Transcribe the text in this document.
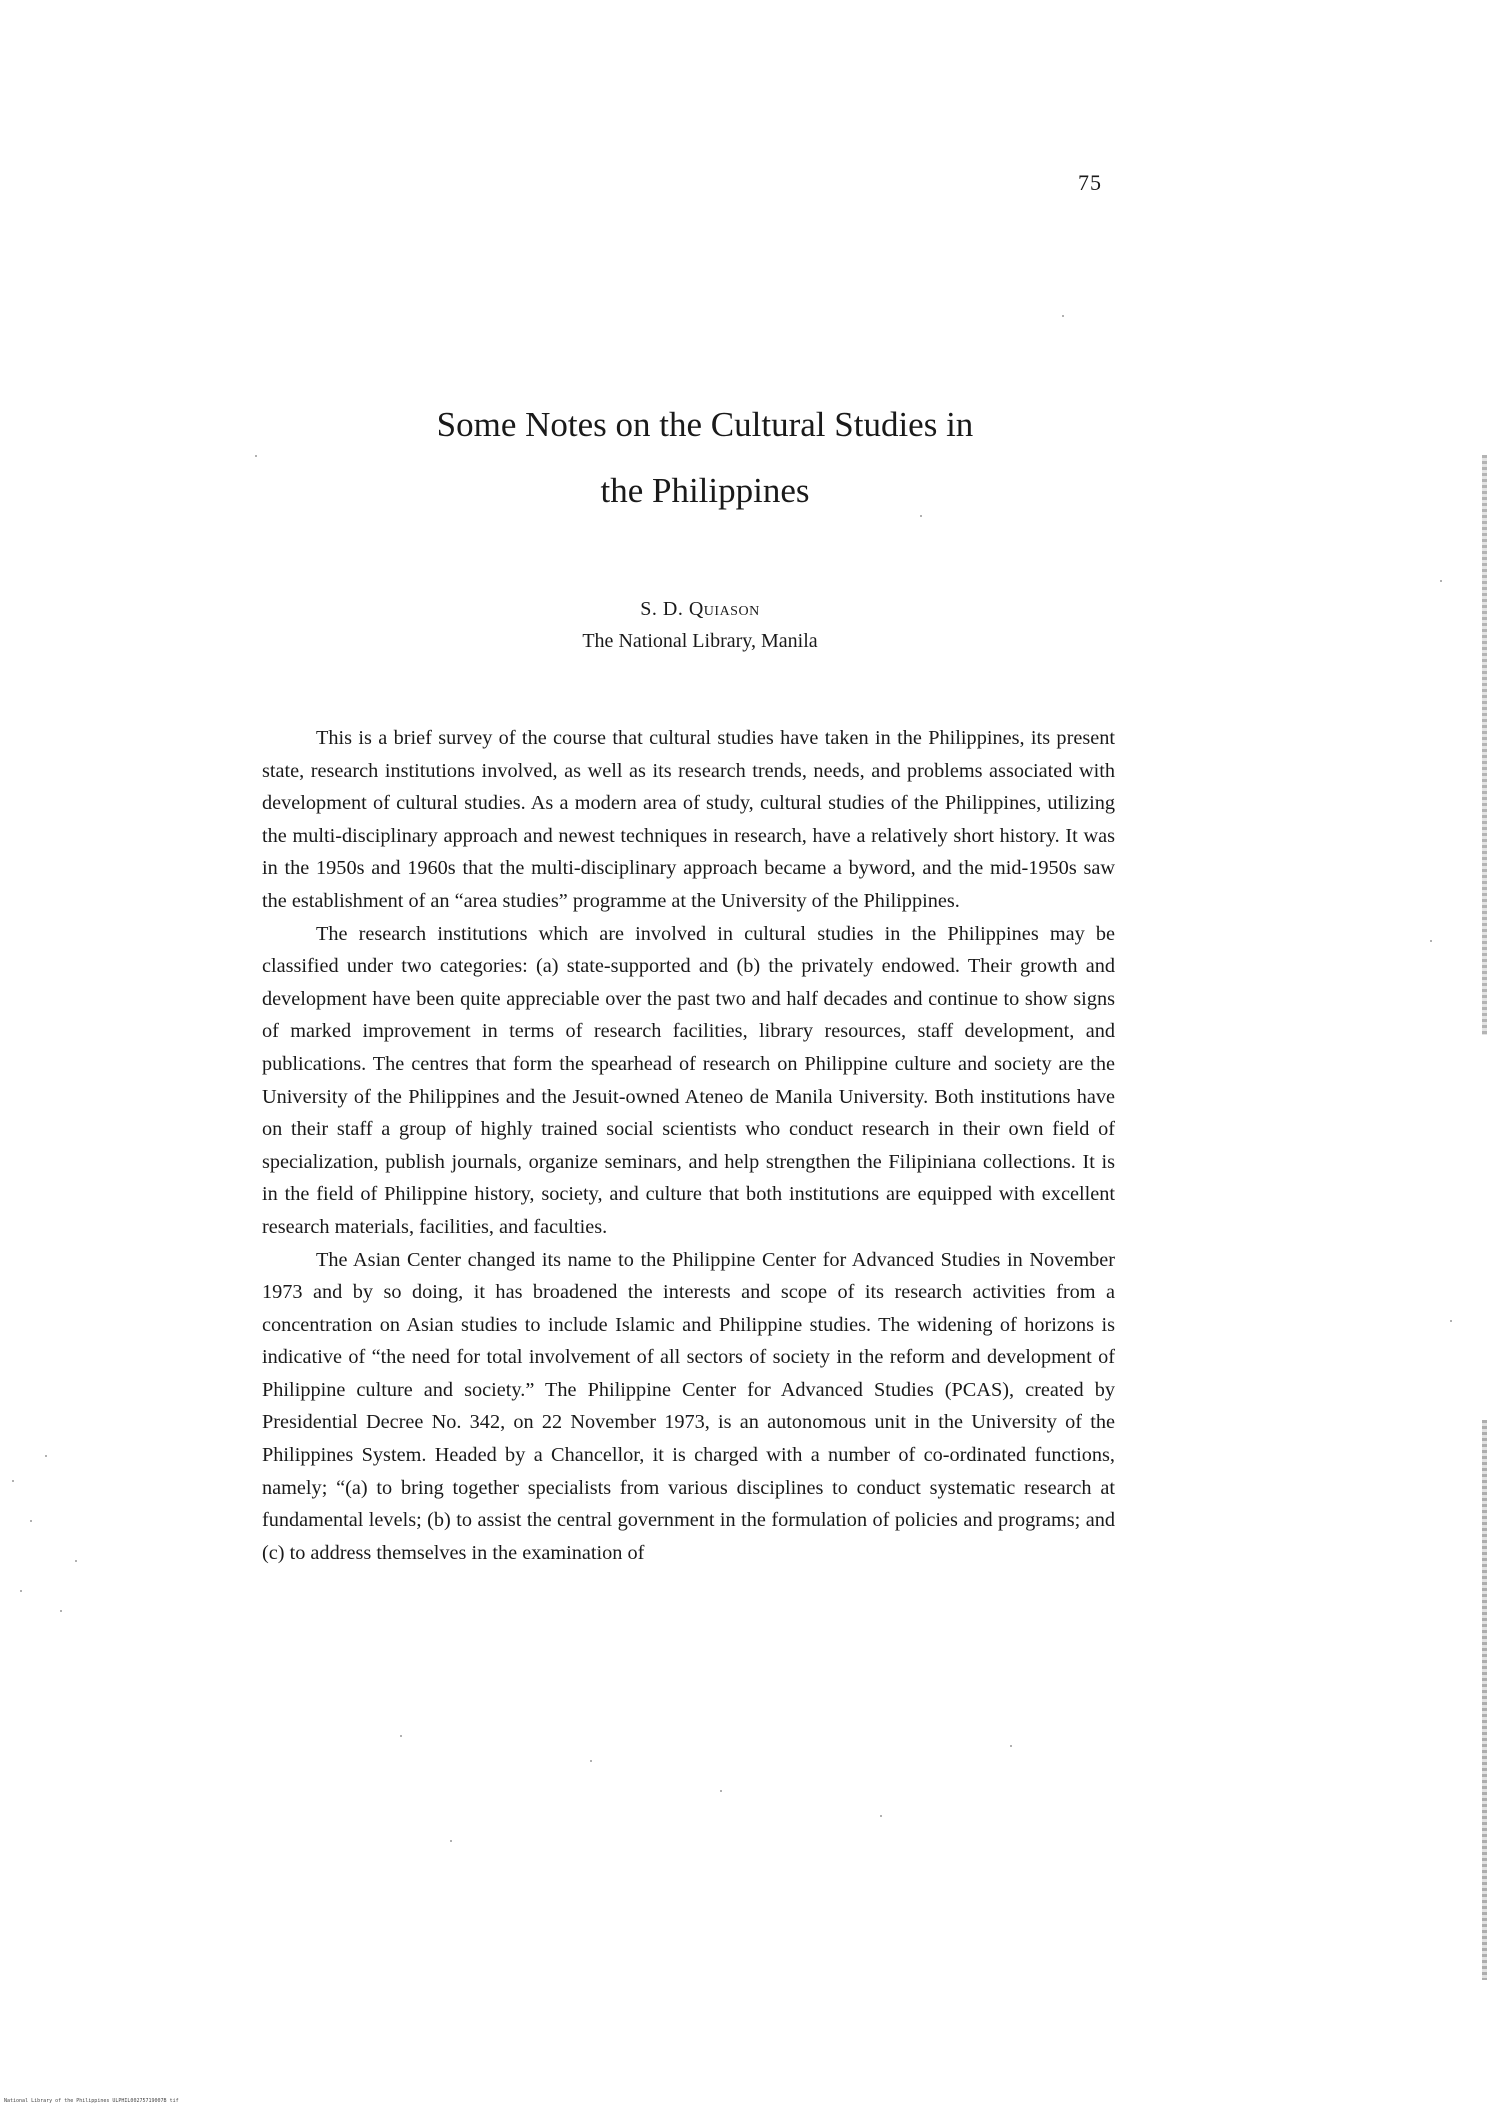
75
Some Notes on the Cultural Studies in
the Philippines
S. D. Quiason
The National Library, Manila

This is a brief survey of the course that cultural studies have taken in the Philippines, its present state, research institutions involved, as well as its research trends, needs, and problems associated with development of cultural studies. As a modern area of study, cultural studies of the Philippines, utilizing the multi-disciplinary approach and newest techniques in research, have a relatively short history. It was in the 1950s and 1960s that the multi-disciplinary approach became a byword, and the mid-1950s saw the establishment of an “area studies” programme at the University of the Philippines.

The research institutions which are involved in cultural studies in the Philippines may be classified under two categories: (a) state-supported and (b) the privately endowed. Their growth and development have been quite appreciable over the past two and half decades and continue to show signs of marked improvement in terms of research facilities, library resources, staff development, and publications. The centres that form the spearhead of research on Philippine culture and society are the University of the Philippines and the Jesuit-owned Ateneo de Manila University. Both institutions have on their staff a group of highly trained social scientists who conduct research in their own field of specialization, publish journals, organize seminars, and help strengthen the Filipiniana collections. It is in the field of Philippine history, society, and culture that both institutions are equipped with excellent research materials, facilities, and faculties.

The Asian Center changed its name to the Philippine Center for Advanced Studies in November 1973 and by so doing, it has broadened the interests and scope of its research activities from a concentration on Asian studies to include Islamic and Philippine studies. The widening of horizons is indicative of “the need for total involvement of all sectors of society in the reform and development of Philippine culture and society.” The Philippine Center for Advanced Studies (PCAS), created by Presidential Decree No. 342, on 22 November 1973, is an autonomous unit in the University of the Philippines System. Headed by a Chancellor, it is charged with a number of co-ordinated functions, namely; “(a) to bring together specialists from various disciplines to conduct systematic research at fundamental levels; (b) to assist the central government in the formulation of policies and programs; and (c) to address themselves in the examination of

National Library of the Philippines ULPHIL00275719007B tif
